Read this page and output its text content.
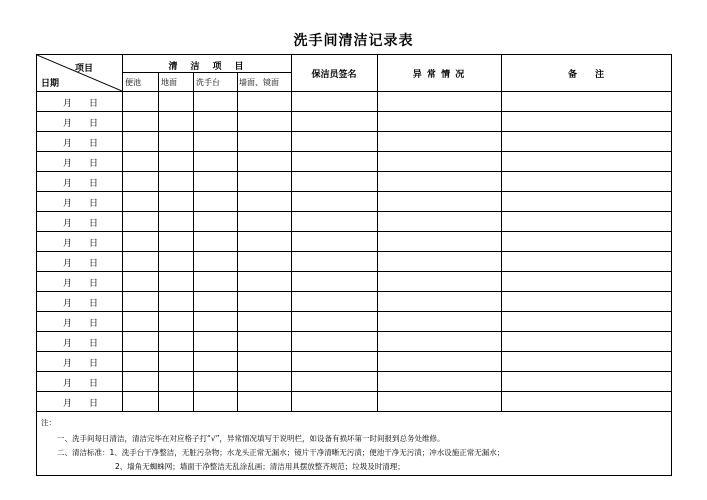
洗手间清洁记录表
项目
日期
清　洁　项　目
便池	地面 洗手台 墙面、镜面
保洁员签名	异 常 情 况	备　　注
月 日
月 日
月 日
月 日
月 日
月 日
月 日
月 日
月 日
月 日
月 日
月 日
月 日
月 日
月 日
月 日
注：
一、洗手间每日清洁，清洁完毕在对应格子打“√”，异常情况填写于说明栏，如设备有损坏第一时间报到总务处维修。
二、清洁标准：1、洗手台干净整洁，无脏污杂物；水龙头正常无漏水；镜片干净清晰无污渍；便池干净无污渍；冲水设施正常无漏水；
2、墙角无蜘蛛网；墙面干净整洁无乱涂乱画；清洁用具摆放整齐规范；垃圾及时清理；
